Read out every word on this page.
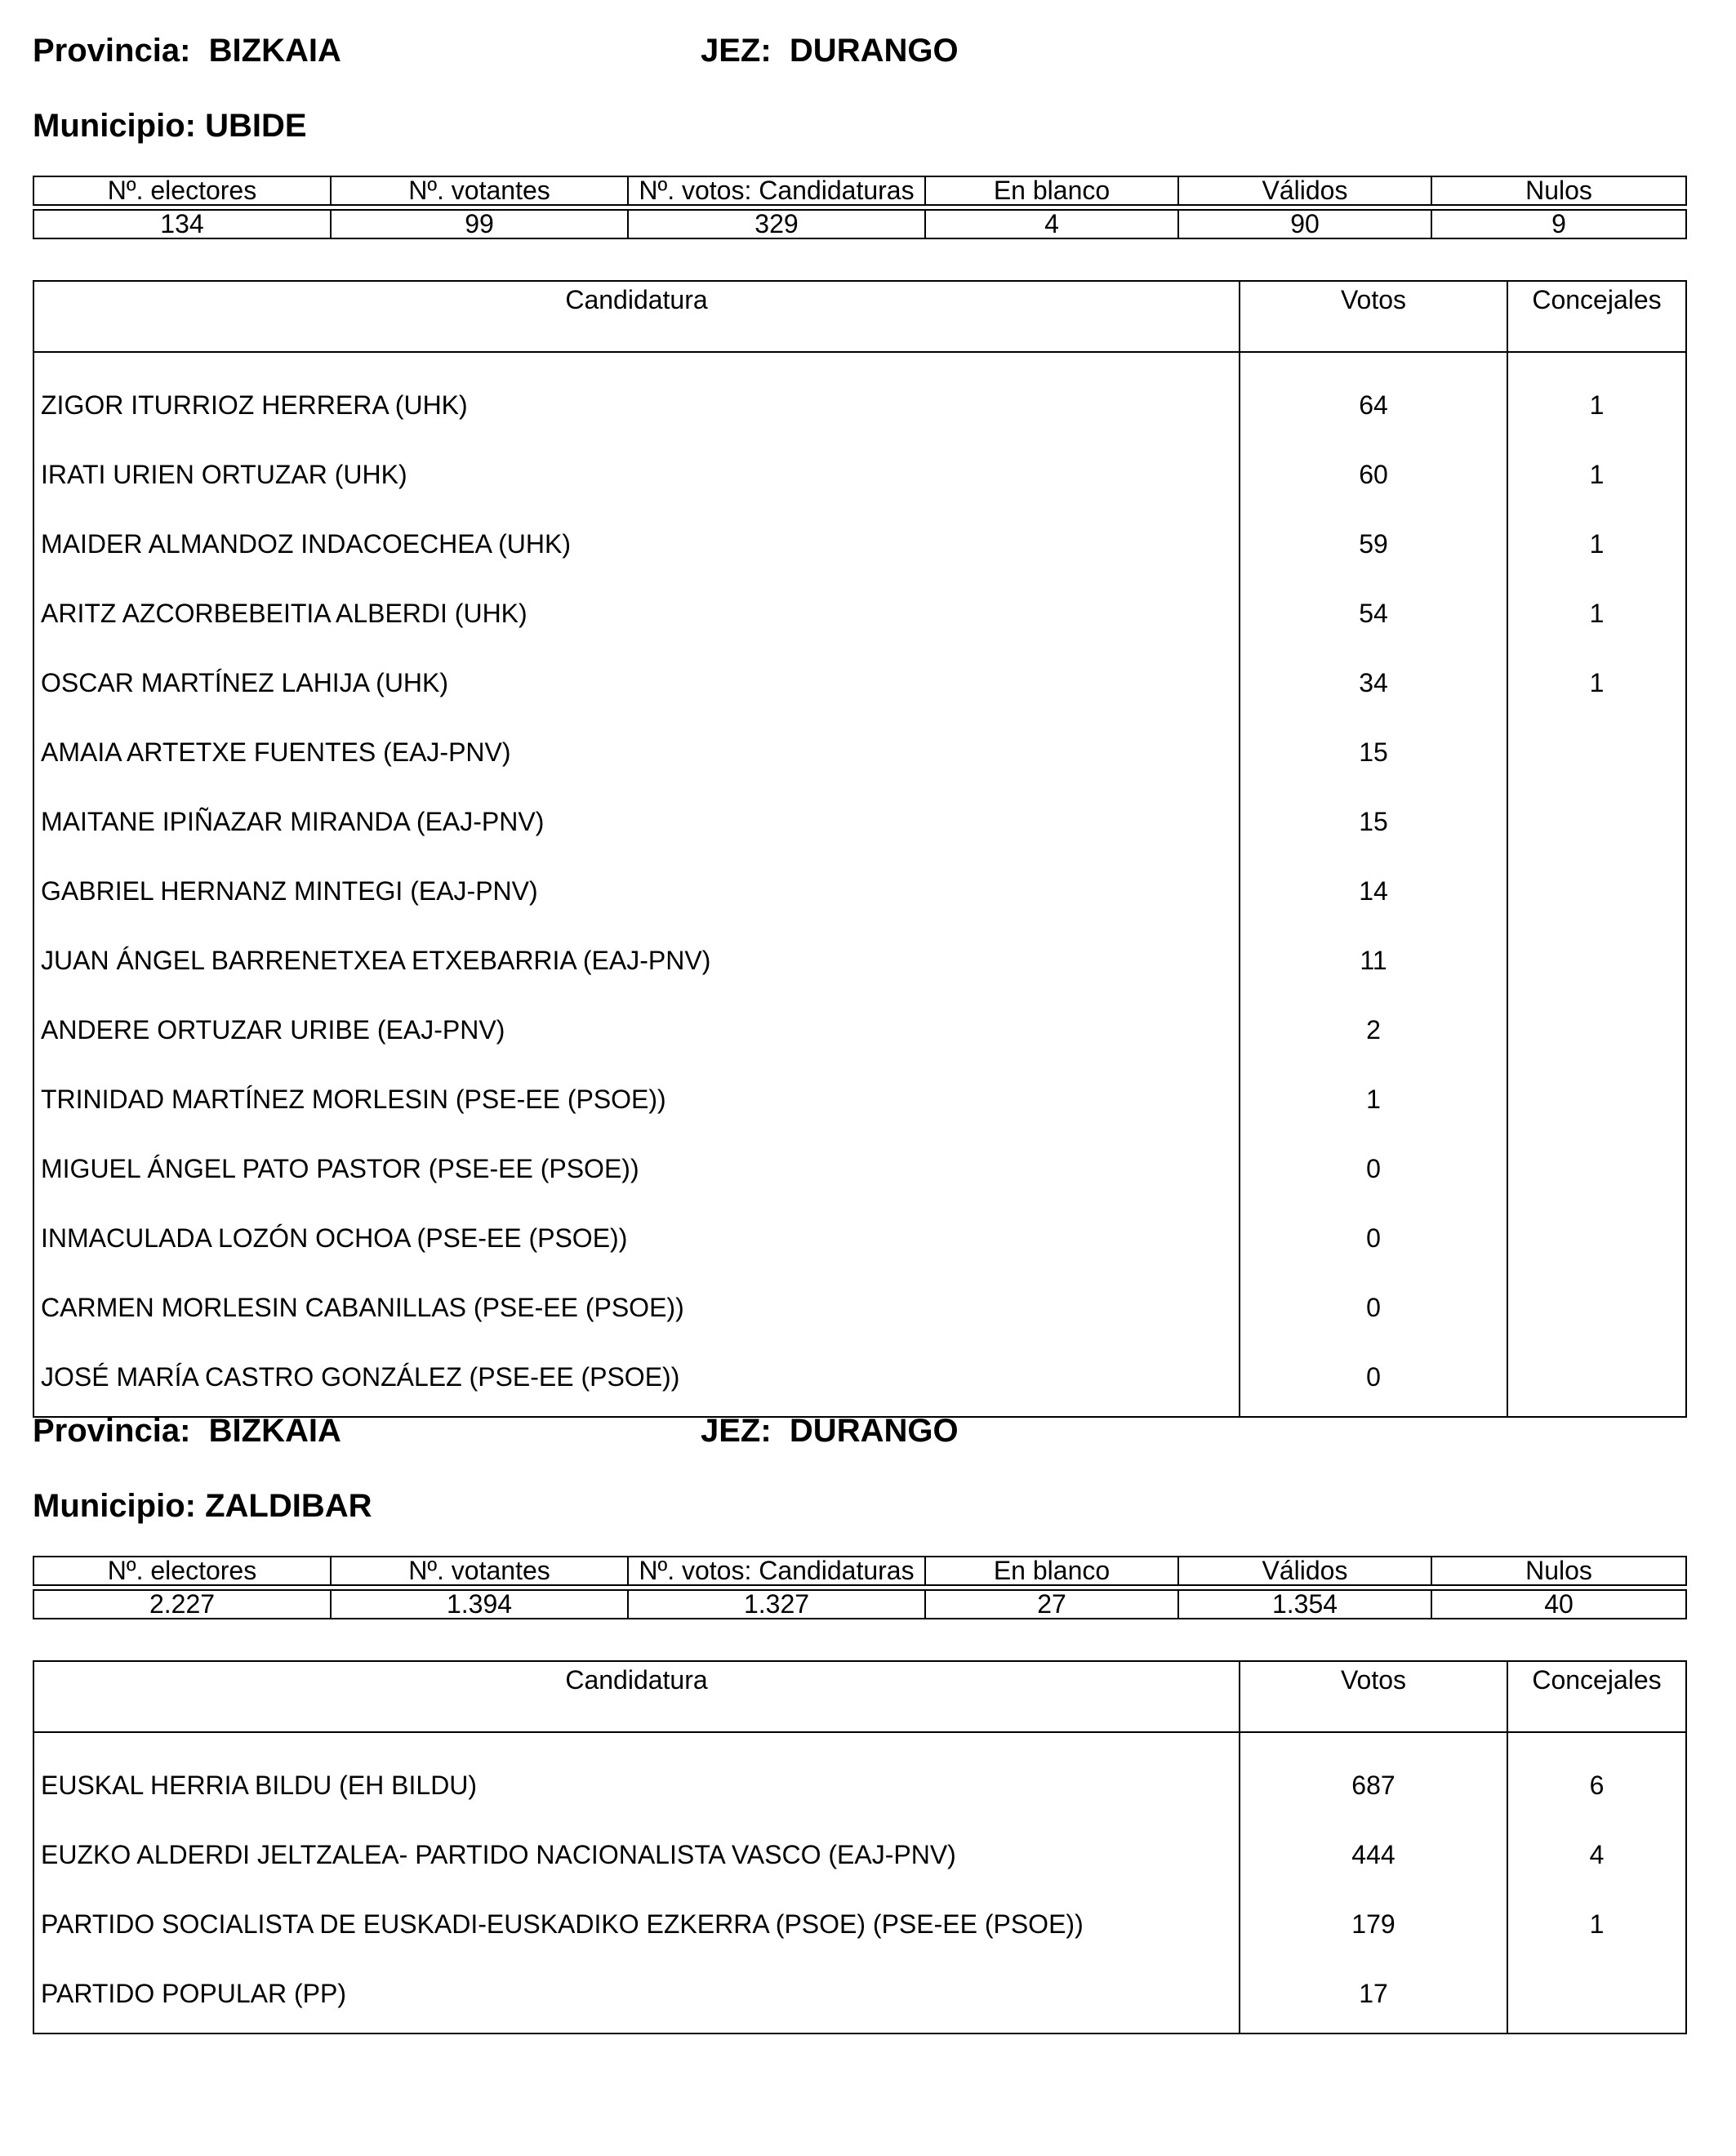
Provincia: BIZKAIA	JEZ: DURANGO
Municipio: UBIDE
Nº. electores	Nº. votantes	Nº. votos: Candidaturas	En blanco	Válidos	Nulos

134	99	329	4	90	9
Candidatura	Votos	Concejales

ZIGOR ITURRIOZ HERRERA (UHK)	64	1
IRATI URIEN ORTUZAR (UHK)	60	1
MAIDER ALMANDOZ INDACOECHEA (UHK)	59	1
ARITZ AZCORBEBEITIA ALBERDI (UHK)	54	1
OSCAR MARTÍNEZ LAHIJA (UHK)	34	1
AMAIA ARTETXE FUENTES (EAJ-PNV)	15	
MAITANE IPIÑAZAR MIRANDA (EAJ-PNV)	15	
GABRIEL HERNANZ MINTEGI (EAJ-PNV)	14	
JUAN ÁNGEL BARRENETXEA ETXEBARRIA (EAJ-PNV)	11	
ANDERE ORTUZAR URIBE (EAJ-PNV)	2	
TRINIDAD MARTÍNEZ MORLESIN (PSE-EE (PSOE))	1	
MIGUEL ÁNGEL PATO PASTOR (PSE-EE (PSOE))	0	
INMACULADA LOZÓN OCHOA (PSE-EE (PSOE))	0	
CARMEN MORLESIN CABANILLAS (PSE-EE (PSOE))	0	
JOSÉ MARÍA CASTRO GONZÁLEZ (PSE-EE (PSOE))	0	
Provincia: BIZKAIA	JEZ: DURANGO
Municipio: ZALDIBAR
Nº. electores	Nº. votantes	Nº. votos: Candidaturas	En blanco	Válidos	Nulos

2.227	1.394	1.327	27	1.354	40
Candidatura	Votos	Concejales

EUSKAL HERRIA BILDU (EH BILDU)	687	6
EUZKO ALDERDI JELTZALEA- PARTIDO NACIONALISTA VASCO (EAJ-PNV)	444	4
PARTIDO SOCIALISTA DE EUSKADI-EUSKADIKO EZKERRA (PSOE) (PSE-EE (PSOE))	179	1
PARTIDO POPULAR (PP)	17	
